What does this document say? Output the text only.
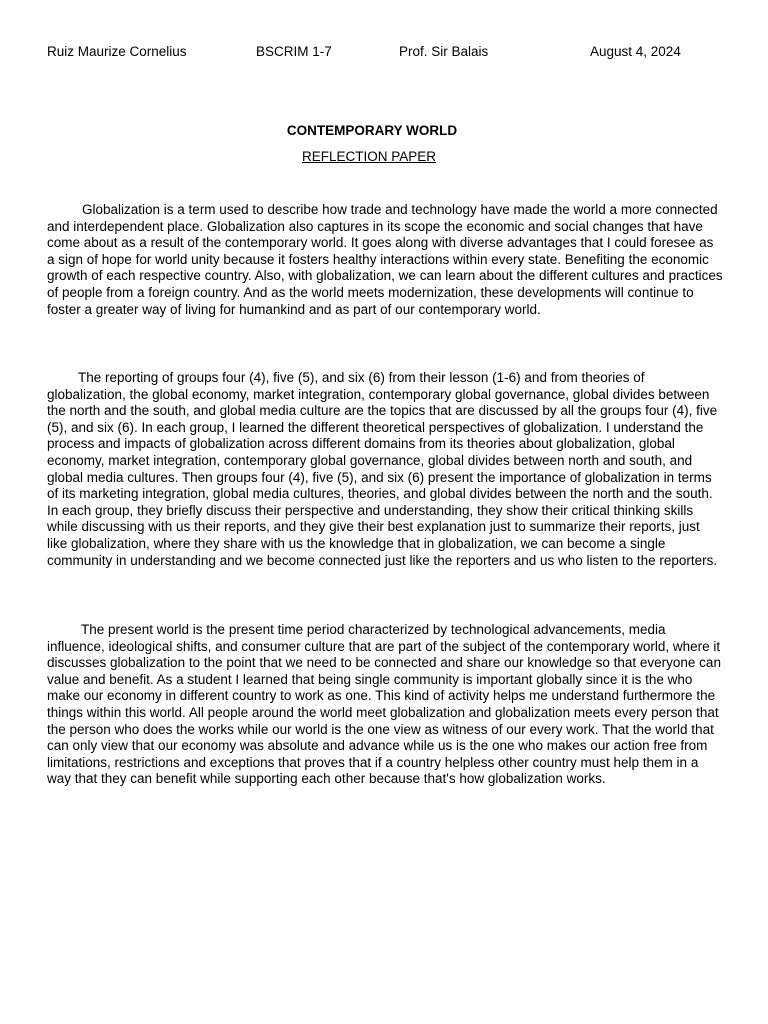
Ruiz Maurize Cornelius	BSCRIM 1-7	Prof. Sir Balais	August 4, 2024
CONTEMPORARY WORLD
REFLECTION PAPER

Globalization is a term used to describe how trade and technology have made the world a more connected and interdependent place. Globalization also captures in its scope the economic and social changes that have come about as a result of the contemporary world. It goes along with diverse advantages that I could foresee as a sign of hope for world unity because it fosters healthy interactions within every state. Benefiting the economic growth of each respective country. Also, with globalization, we can learn about the different cultures and practices of people from a foreign country. And as the world meets modernization, these developments will continue to foster a greater way of living for humankind and as part of our contemporary world.

The reporting of groups four (4), five (5), and six (6) from their lesson (1-6) and from theories of globalization, the global economy, market integration, contemporary global governance, global divides between the north and the south, and global media culture are the topics that are discussed by all the groups four (4), five (5), and six (6). In each group, I learned the different theoretical perspectives of globalization. I understand the process and impacts of globalization across different domains from its theories about globalization, global economy, market integration, contemporary global governance, global divides between north and south, and global media cultures. Then groups four (4), five (5), and six (6) present the importance of globalization in terms of its marketing integration, global media cultures, theories, and global divides between the north and the south. In each group, they briefly discuss their perspective and understanding, they show their critical thinking skills while discussing with us their reports, and they give their best explanation just to summarize their reports, just like globalization, where they share with us the knowledge that in globalization, we can become a single community in understanding and we become connected just like the reporters and us who listen to the reporters.

The present world is the present time period characterized by technological advancements, media influence, ideological shifts, and consumer culture that are part of the subject of the contemporary world, where it discusses globalization to the point that we need to be connected and share our knowledge so that everyone can value and benefit. As a student I learned that being single community is important globally since it is the who make our economy in different country to work as one. This kind of activity helps me understand furthermore the things within this world. All people around the world meet globalization and globalization meets every person that the person who does the works while our world is the one view as witness of our every work. That the world that can only view that our economy was absolute and advance while us is the one who makes our action free from limitations, restrictions and exceptions that proves that if a country helpless other country must help them in a way that they can benefit while supporting each other because that's how globalization works.
